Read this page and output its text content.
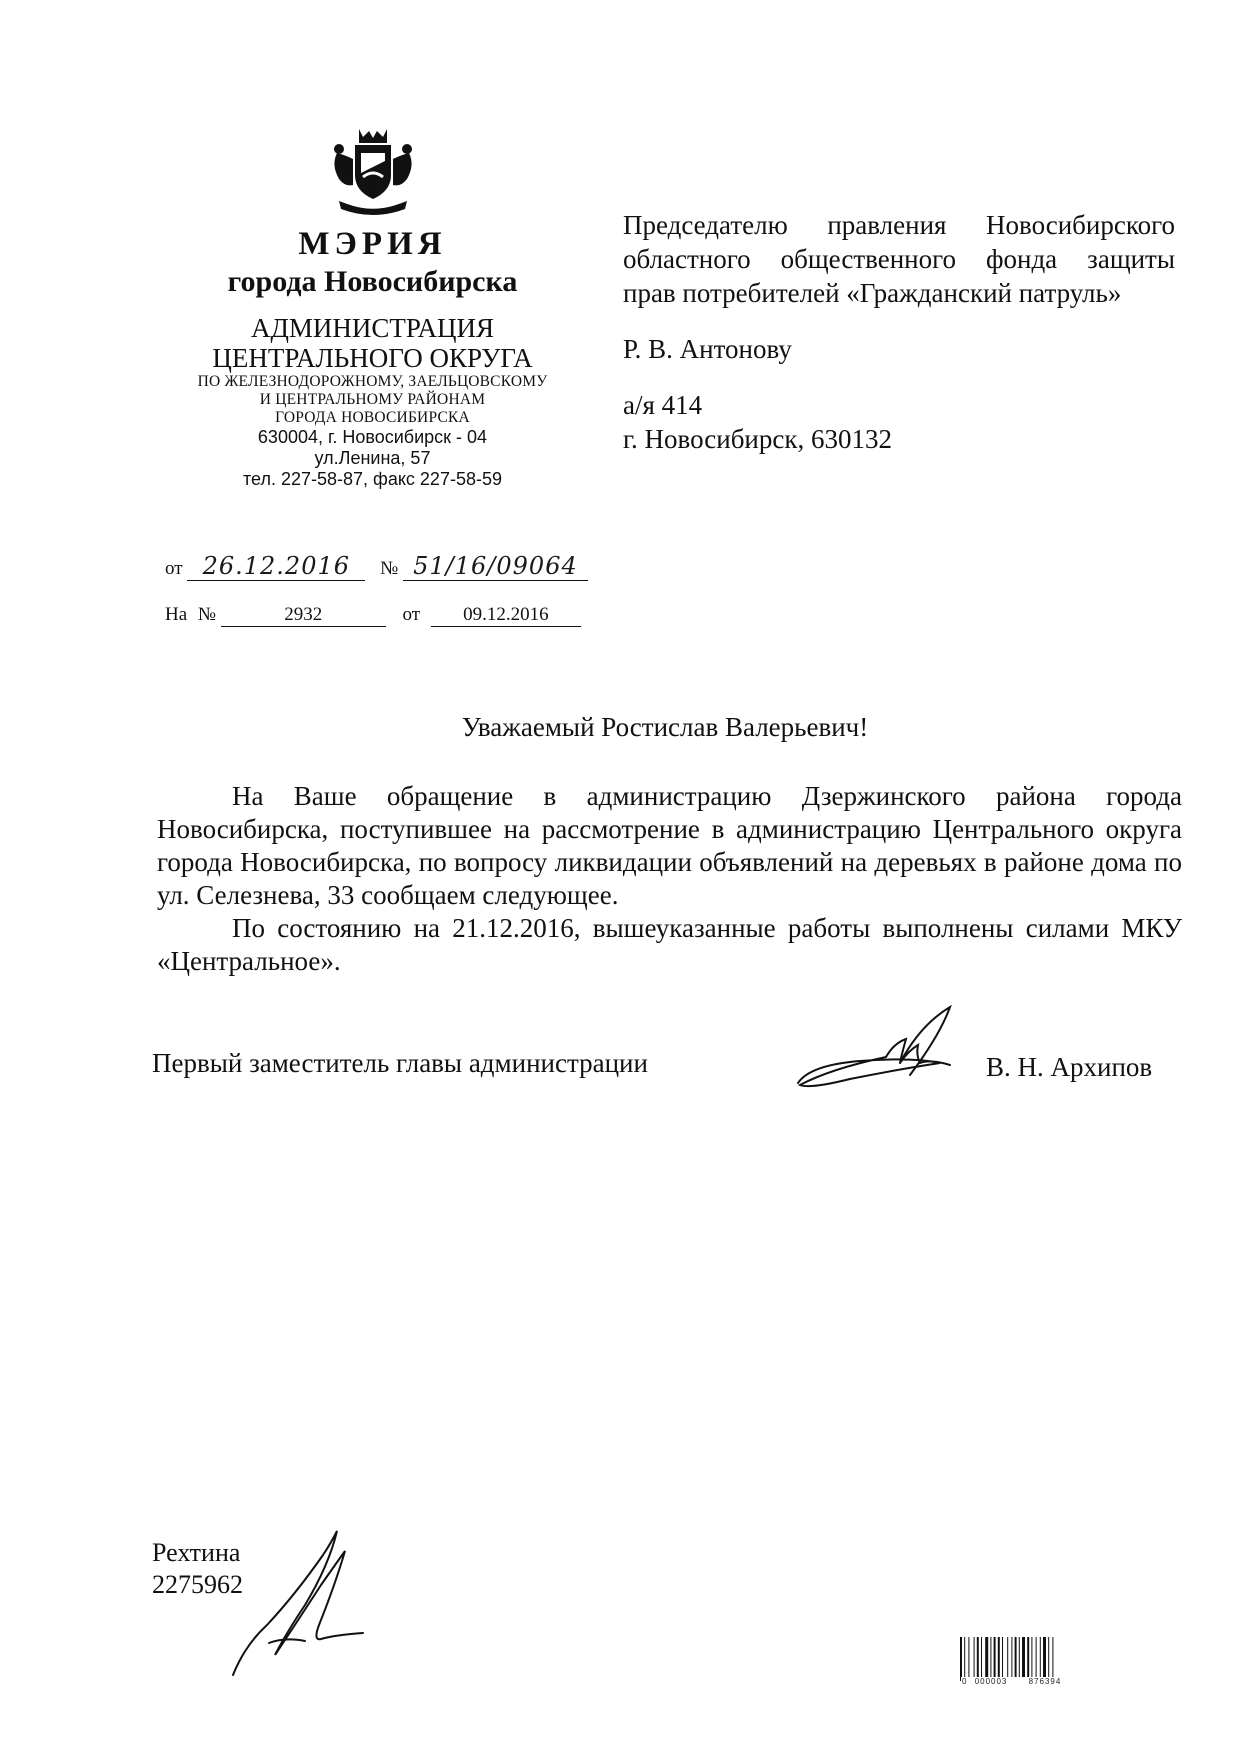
МЭРИЯ
города Новосибирска
АДМИНИСТРАЦИЯ
ЦЕНТРАЛЬНОГО ОКРУГА
ПО ЖЕЛЕЗНОДОРОЖНОМУ, ЗАЕЛЬЦОВСКОМУ
И ЦЕНТРАЛЬНОМУ РАЙОНАМ
ГОРОДА НОВОСИБИРСКА
630004, г. Новосибирск - 04
ул.Ленина, 57
тел. 227-58-87, факс 227-58-59
от 26.12.2016 № 51/16/09064
На №	2932	от 09.12.2016
Председателю правления Новосибирского
областного общественного фонда защиты
прав потребителей «Гражданский патруль»
Р. В. Антонову
а/я 414
г. Новосибирск, 630132
Уважаемый Ростислав Валерьевич!

На Ваше обращение в администрацию Дзержинского района города Новосибирска, поступившее на рассмотрение в администрацию Центрального округа города Новосибирска, по вопросу ликвидации объявлений на деревьях в районе дома по ул. Селезнева, 33 сообщаем следующее.

По состоянию на 21.12.2016, вышеуказанные работы выполнены силами МКУ «Центральное».

Первый заместитель главы администрации	В. Н. Архипов
Рехтина
2275962
0 000003	876394
